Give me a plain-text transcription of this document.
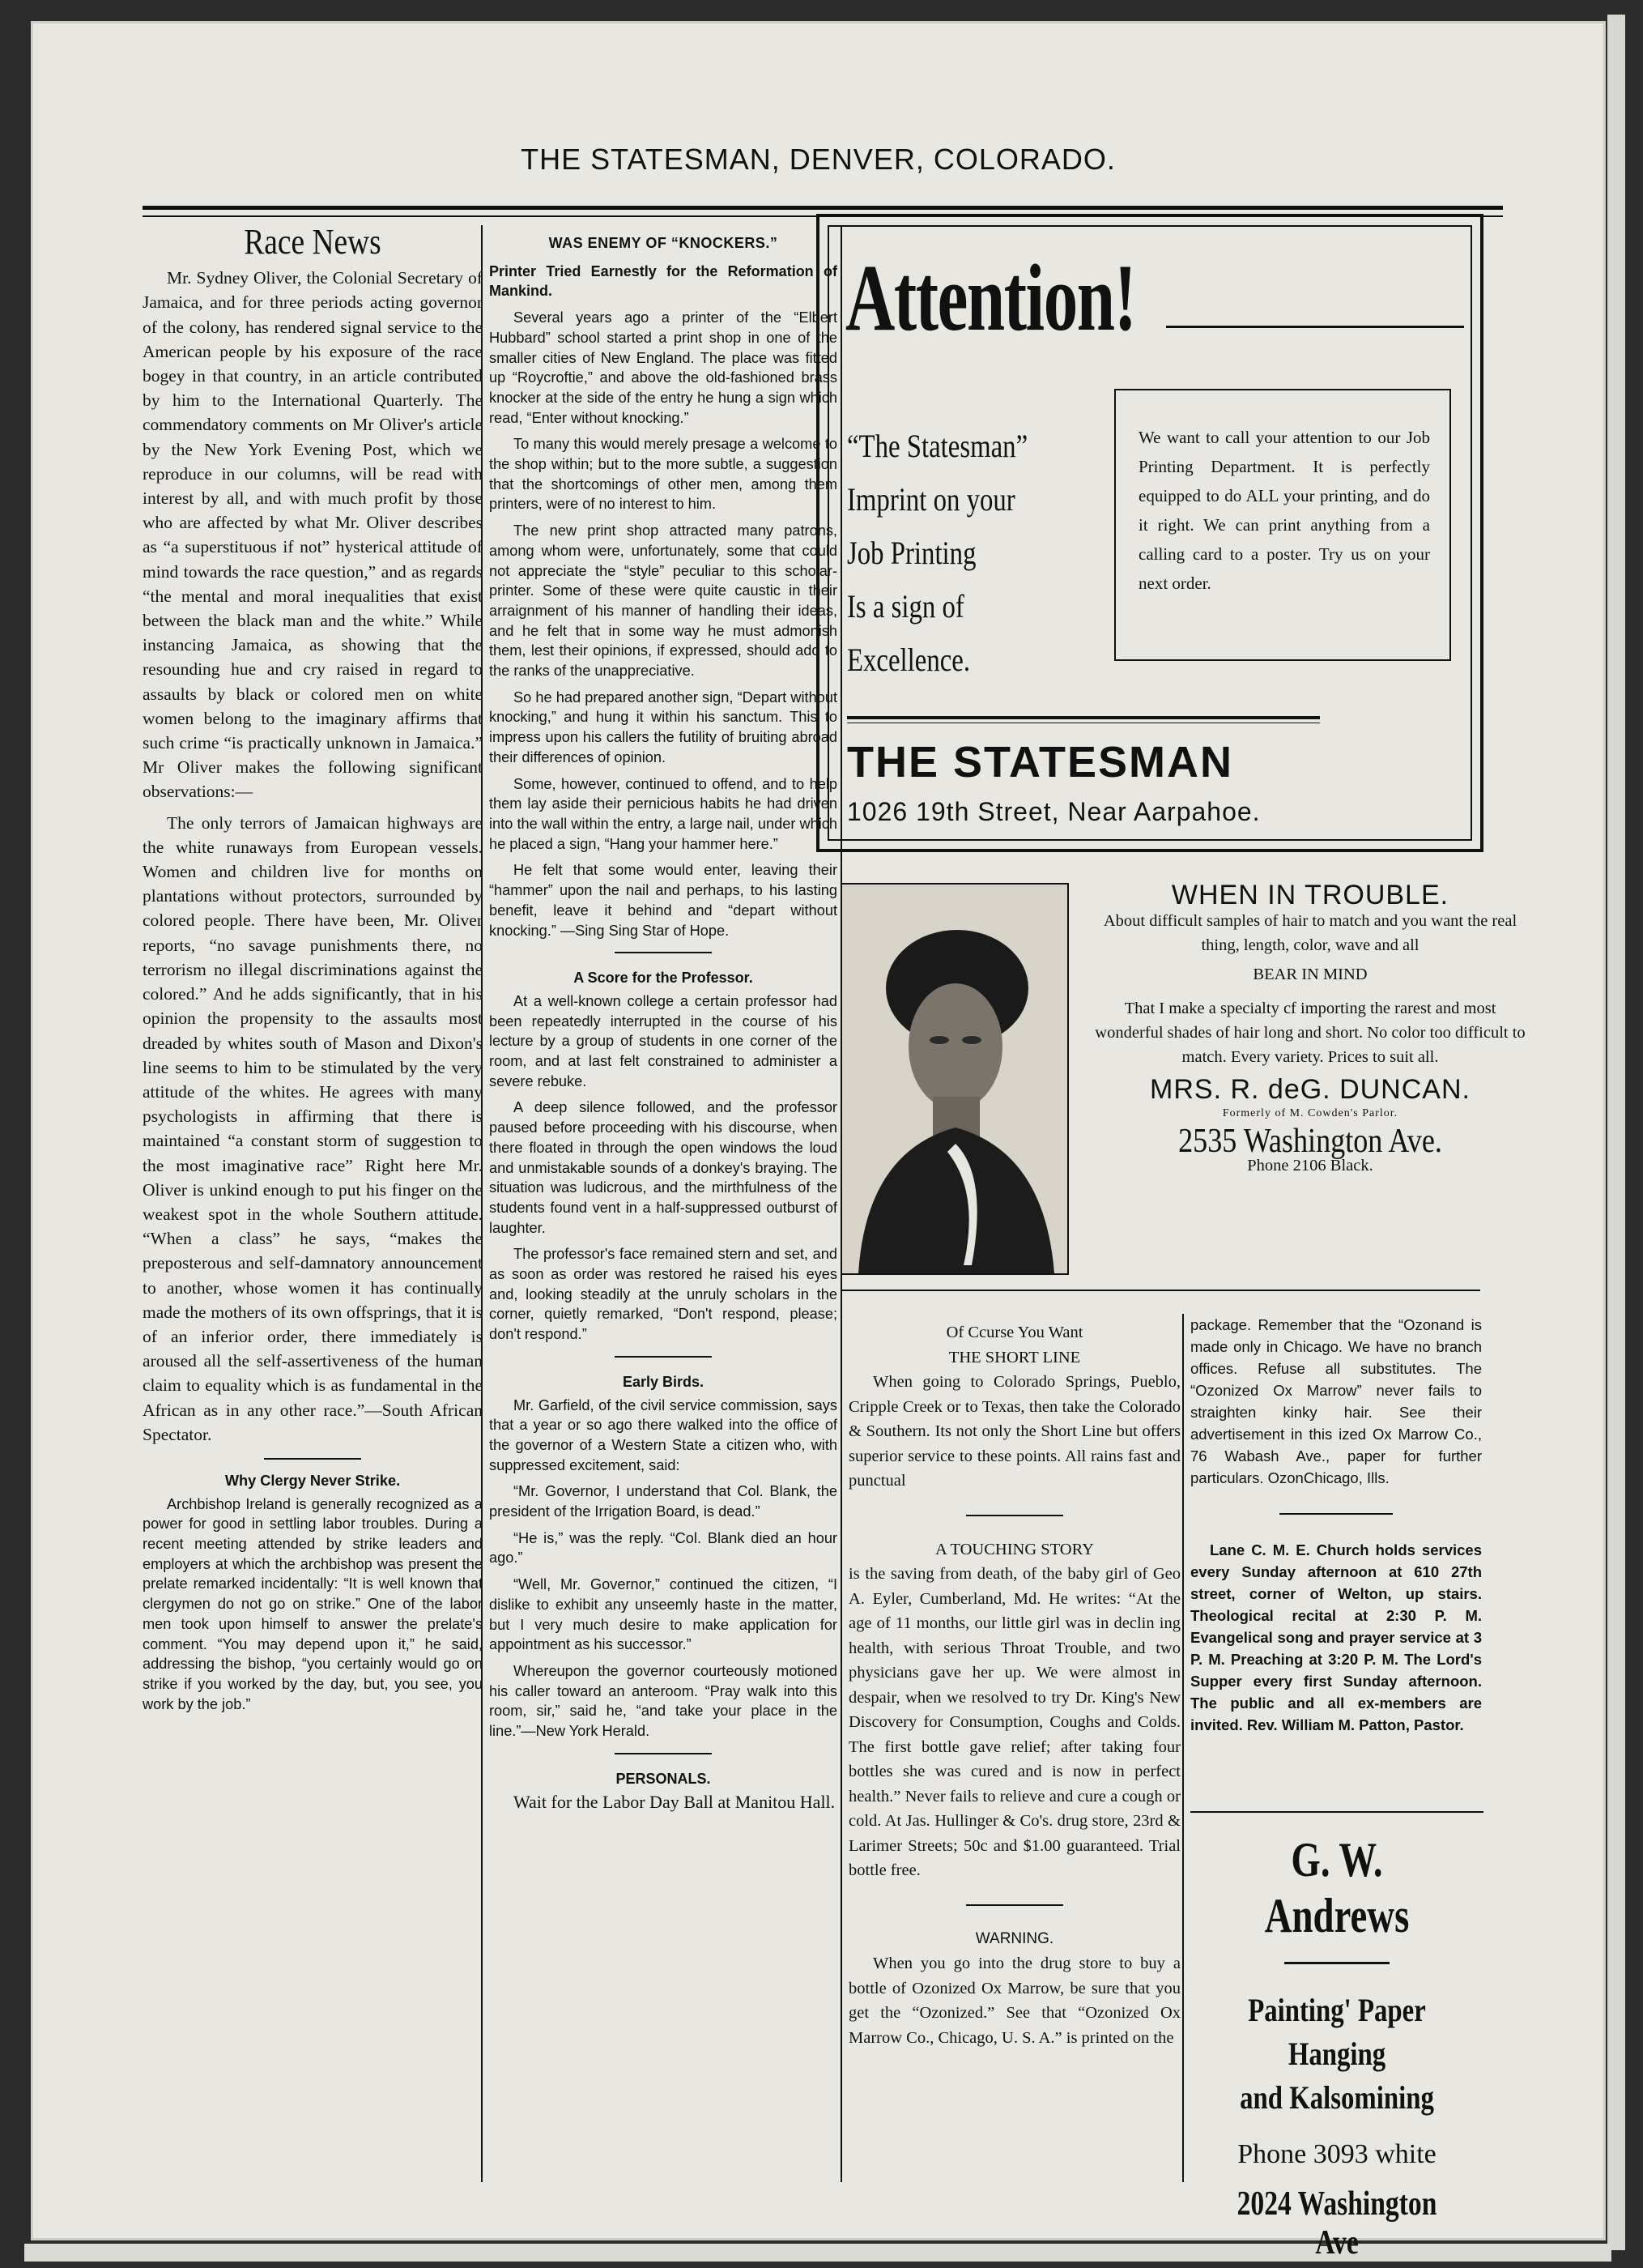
THE STATESMAN, DENVER, COLORADO.
Race News

Mr. Sydney Oliver, the Colonial Secretary of Jamaica, and for three periods acting governor of the colony, has rendered signal service to the American people by his exposure of the race bogey in that country, in an article contributed by him to the International Quarterly. The commendatory comments on Mr Oliver's article by the New York Evening Post, which we reproduce in our columns, will be read with interest by all, and with much profit by those who are affected by what Mr. Oliver describes as “a superstituous if not” hysterical attitude of mind towards the race question,” and as regards “the mental and moral inequalities that exist between the black man and the white.” While instancing Jamaica, as showing that the resounding hue and cry raised in regard to assaults by black or colored men on white women belong to the imaginary affirms that such crime “is practically unknown in Jamaica.” Mr Oliver makes the following significant observations:—

The only terrors of Jamaican highways are the white runaways from European vessels. Women and children live for months on plantations without protectors, surrounded by colored people. There have been, Mr. Oliver reports, “no savage punishments there, no terrorism no illegal discriminations against the colored.” And he adds significantly, that in his opinion the propensity to the assaults most dreaded by whites south of Mason and Dixon's line seems to him to be stimulated by the very attitude of the whites. He agrees with many psychologists in affirming that there is maintained “a constant storm of suggestion to the most imaginative race” Right here Mr. Oliver is unkind enough to put his finger on the weakest spot in the whole Southern attitude. “When a class” he says, “makes the preposterous and self-damnatory announcement to another, whose women it has continually made the mothers of its own offsprings, that it is of an inferior order, there immediately is aroused all the self-assertiveness of the human claim to equality which is as fundamental in the African as in any other race.”—South African Spectator.

Why Clergy Never Strike.

Archbishop Ireland is generally recognized as a power for good in settling labor troubles. During a recent meeting attended by strike leaders and employers at which the archbishop was present the prelate remarked incidentally: “It is well known that clergymen do not go on strike.” One of the labor men took upon himself to answer the prelate's comment. “You may depend upon it,” he said, addressing the bishop, “you certainly would go on strike if you worked by the day, but, you see, you work by the job.”

WAS ENEMY OF “KNOCKERS.”

Printer Tried Earnestly for the Reformation of Mankind.

Several years ago a printer of the “Elbert Hubbard” school started a print shop in one of the smaller cities of New England. The place was fitted up “Roycroftie,” and above the old-fashioned brass knocker at the side of the entry he hung a sign which read, “Enter without knocking.”

To many this would merely presage a welcome to the shop within; but to the more subtle, a suggestion that the shortcomings of other men, among them printers, were of no interest to him.

The new print shop attracted many patrons, among whom were, unfortunately, some that could not appreciate the “style” peculiar to this scholar-printer. Some of these were quite caustic in their arraignment of his manner of handling their ideas, and he felt that in some way he must admonish them, lest their opinions, if expressed, should add to the ranks of the unappreciative.

So he had prepared another sign, “Depart without knocking,” and hung it within his sanctum. This to impress upon his callers the futility of bruiting abroad their differences of opinion.

Some, however, continued to offend, and to help them lay aside their pernicious habits he had driven into the wall within the entry, a large nail, under which he placed a sign, “Hang your hammer here.”

He felt that some would enter, leaving their “hammer” upon the nail and perhaps, to his lasting benefit, leave it behind and “depart without knocking.” —Sing Sing Star of Hope.

A Score for the Professor.

At a well-known college a certain professor had been repeatedly interrupted in the course of his lecture by a group of students in one corner of the room, and at last felt constrained to administer a severe rebuke.

A deep silence followed, and the professor paused before proceeding with his discourse, when there floated in through the open windows the loud and unmistakable sounds of a donkey's braying. The situation was ludicrous, and the mirthfulness of the students found vent in a half-suppressed outburst of laughter.

The professor's face remained stern and set, and as soon as order was restored he raised his eyes and, looking steadily at the unruly scholars in the corner, quietly remarked, “Don't respond, please; don't respond.”

Early Birds.

Mr. Garfield, of the civil service commission, says that a year or so ago there walked into the office of the governor of a Western State a citizen who, with suppressed excitement, said:

“Mr. Governor, I understand that Col. Blank, the president of the Irrigation Board, is dead.”

“He is,” was the reply. “Col. Blank died an hour ago.”

“Well, Mr. Governor,” continued the citizen, “I dislike to exhibit any unseemly haste in the matter, but I very much desire to make application for appointment as his successor.”

Whereupon the governor courteously motioned his caller toward an anteroom. “Pray walk into this room, sir,” said he, “and take your place in the line.”—New York Herald.

PERSONALS.

Wait for the Labor Day Ball at Manitou Hall.

Attention!
“The Statesman”
Imprint on your
Job Printing
Is a sign of
Excellence.
We want to call your attention to our Job Printing Department. It is perfectly equipped to do ALL your printing, and do it right. We can print anything from a calling card to a poster. Try us on your next order.
THE STATESMAN
1026 19th Street, Near Aarpahoe.
WHEN IN TROUBLE.
About difficult samples of hair to match and you want the real thing, length, color, wave and all
BEAR IN MIND
That I make a specialty cf importing the rarest and most wonderful shades of hair long and short. No color too difficult to match. Every variety. Prices to suit all.
MRS. R. deG. DUNCAN.
Formerly of M. Cowden's Parlor.
2535 Washington Ave.
Phone 2106 Black.

Of Ccurse You Want

THE SHORT LINE

When going to Colorado Springs, Pueblo, Cripple Creek or to Texas, then take the Colorado & Southern. Its not only the Short Line but offers superior service to these points. All rains fast and punctual

A TOUCHING STORY

is the saving from death, of the baby girl of Geo A. Eyler, Cumberland, Md. He writes: “At the age of 11 months, our little girl was in declin ing health, with serious Throat Trouble, and two physicians gave her up. We were almost in despair, when we resolved to try Dr. King's New Discovery for Consumption, Coughs and Colds. The first bottle gave relief; after taking four bottles she was cured and is now in perfect health.” Never fails to relieve and cure a cough or cold. At Jas. Hullinger & Co's. drug store, 23rd & Larimer Streets; 50c and $1.00 guaranteed. Trial bottle free.

WARNING.

When you go into the drug store to buy a bottle of Ozonized Ox Marrow, be sure that you get the “Ozonized.” See that “Ozonized Ox Marrow Co., Chicago, U. S. A.” is printed on the

package. Remember that the “Ozonand is made only in Chicago. We have no branch offices. Refuse all substitutes. The “Ozonized Ox Marrow” never fails to straighten kinky hair. See their advertisement in this ized Ox Marrow Co., 76 Wabash Ave., paper for further particulars. OzonChicago, Ills.

Lane C. M. E. Church holds services every Sunday afternoon at 610 27th street, corner of Welton, up stairs. Theological recital at 2:30 P. M. Evangelical song and prayer service at 3 P. M. Preaching at 3:20 P. M. The Lord's Supper every first Sunday afternoon. The public and all ex-members are invited. Rev. William M. Patton, Pastor.

G. W. Andrews
Painting' Paper Hanging
and Kalsomining
Phone 3093 white
2024 Washington Ave
